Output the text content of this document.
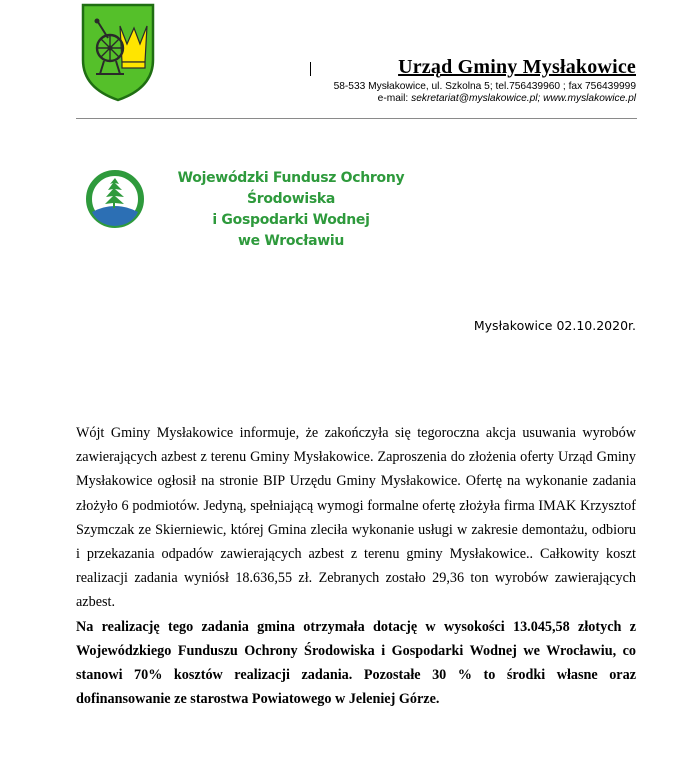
Urząd Gminy Mysłakowice
58-533 Mysłakowice, ul. Szkolna 5; tel.756439960 ; fax 756439999
e-mail: sekretariat@myslakowice.pl; www.myslakowice.pl
Wojewódzki Fundusz Ochrony Środowiska
i Gospodarki Wodnej
we Wrocławiu
Mysłakowice 02.10.2020r.

Wójt Gminy Mysłakowice informuje, że zakończyła się tegoroczna akcja usuwania wyrobów zawierających azbest z terenu Gminy Mysłakowice. Zaproszenia do złożenia oferty Urząd Gminy Mysłakowice ogłosił na stronie BIP Urzędu Gminy Mysłakowice. Ofertę na wykonanie zadania złożyło 6 podmiotów. Jedyną, spełniającą wymogi formalne ofertę złożyła firma IMAK Krzysztof Szymczak ze Skierniewic, której Gmina zleciła wykonanie usługi w zakresie demontażu, odbioru i przekazania odpadów zawierających azbest z terenu gminy Mysłakowice.. Całkowity koszt realizacji zadania wyniósł 18.636,55 zł. Zebranych zostało 29,36 ton wyrobów zawierających azbest.

Na realizację tego zadania gmina otrzymała dotację w wysokości 13.045,58 złotych z Wojewódzkiego Funduszu Ochrony Środowiska i Gospodarki Wodnej we Wrocławiu, co stanowi 70% kosztów realizacji zadania. Pozostałe 30 % to środki własne oraz dofinansowanie ze starostwa Powiatowego w Jeleniej Górze.
